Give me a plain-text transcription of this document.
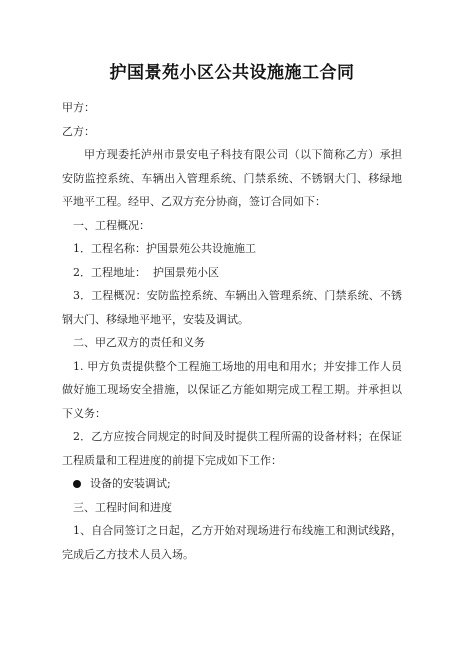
护国景苑小区公共设施施工合同

甲方：

乙方：

甲方现委托泸州市景安电子科技有限公司（以下简称乙方）承担安防监控系统、车辆出入管理系统、门禁系统、不锈钢大门、移绿地平地平工程。经甲、乙双方充分协商，签订合同如下：

一、工程概况：

1．工程名称：护国景苑公共设施施工

2．工程地址：  护国景苑小区

3．工程概况：安防监控系统、车辆出入管理系统、门禁系统、不锈钢大门、移绿地平地平，安装及调试。

二、甲乙双方的责任和义务

1. 甲方负责提供整个工程施工场地的用电和用水；并安排工作人员做好施工现场安全措施，以保证乙方能如期完成工程工期。并承担以下义务：

2．乙方应按合同规定的时间及时提供工程所需的设备材料；在保证工程质量和工程进度的前提下完成如下工作：

设备的安装调试;

三、工程时间和进度

1、自合同签订之日起，乙方开始对现场进行布线施工和测试线路，完成后乙方技术人员入场。
